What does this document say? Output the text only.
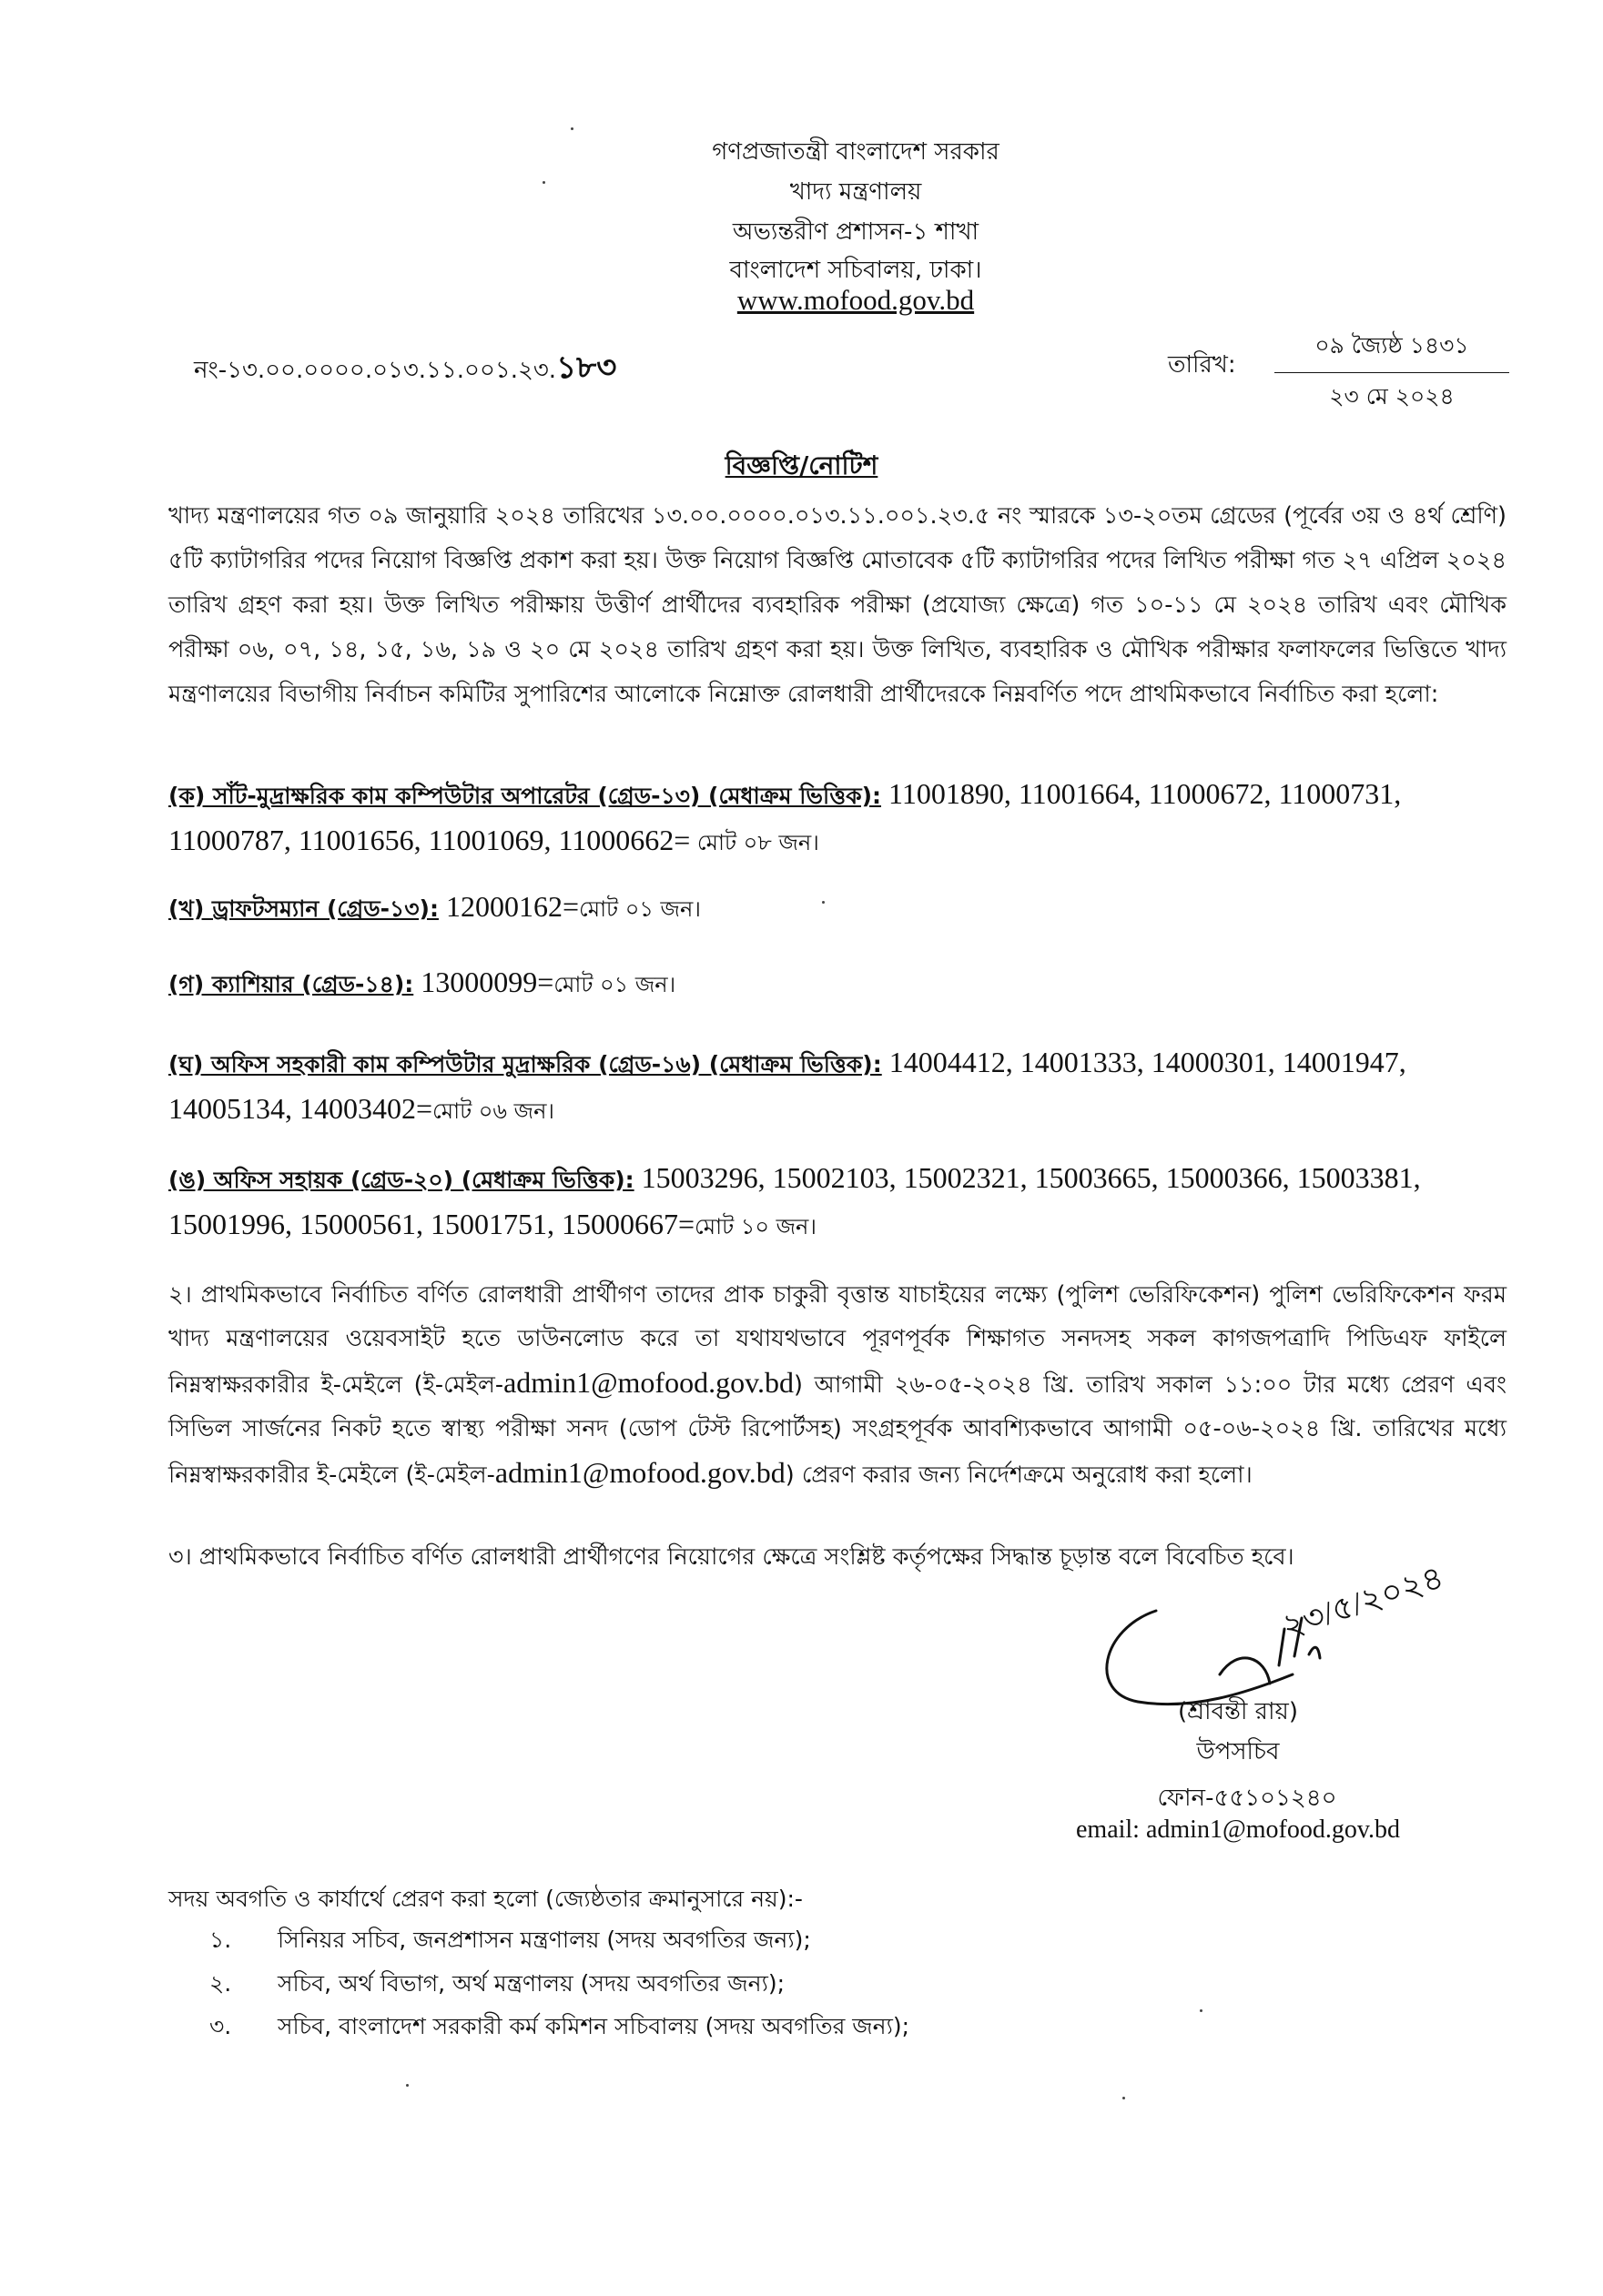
গণপ্রজাতন্ত্রী বাংলাদেশ সরকার
খাদ্য মন্ত্রণালয়
অভ্যন্তরীণ প্রশাসন-১ শাখা
বাংলাদেশ সচিবালয়, ঢাকা।
www.mofood.gov.bd
নং-১৩.০০.০০০০.০১৩.১১.০০১.২৩.১৮৩	তারিখ:
০৯ জ্যৈষ্ঠ ১৪৩১
২৩ মে ২০২৪
বিজ্ঞপ্তি/নোটিশ
খাদ্য মন্ত্রণালয়ের গত ০৯ জানুয়ারি ২০২৪ তারিখের ১৩.০০.০০০০.০১৩.১১.০০১.২৩.৫ নং স্মারকে ১৩-২০তম গ্রেডের (পূর্বের ৩য় ও ৪র্থ শ্রেণি) ৫টি ক্যাটাগরির পদের নিয়োগ বিজ্ঞপ্তি প্রকাশ করা হয়। উক্ত নিয়োগ বিজ্ঞপ্তি মোতাবেক ৫টি ক্যাটাগরির পদের লিখিত পরীক্ষা গত ২৭ এপ্রিল ২০২৪ তারিখ গ্রহণ করা হয়। উক্ত লিখিত পরীক্ষায় উত্তীর্ণ প্রার্থীদের ব্যবহারিক পরীক্ষা (প্রযোজ্য ক্ষেত্রে) গত ১০-১১ মে ২০২৪ তারিখ এবং মৌখিক পরীক্ষা ০৬, ০৭, ১৪, ১৫, ১৬, ১৯ ও ২০ মে ২০২৪ তারিখ গ্রহণ করা হয়। উক্ত লিখিত, ব্যবহারিক ও মৌখিক পরীক্ষার ফলাফলের ভিত্তিতে খাদ্য মন্ত্রণালয়ের বিভাগীয় নির্বাচন কমিটির সুপারিশের আলোকে নিম্নোক্ত রোলধারী প্রার্থীদেরকে নিম্নবর্ণিত পদে প্রাথমিকভাবে নির্বাচিত করা হলো:
(ক) সাঁট-মুদ্রাক্ষরিক কাম কম্পিউটার অপারেটর (গ্রেড-১৩) (মেধাক্রম ভিত্তিক): 11001890, 11001664, 11000672, 11000731, 11000787, 11001656, 11001069, 11000662= মোট ০৮ জন।
(খ) ড্রাফটসম্যান (গ্রেড-১৩): 12000162=মোট ০১ জন।
(গ) ক্যাশিয়ার (গ্রেড-১৪): 13000099=মোট ০১ জন।
(ঘ) অফিস সহকারী কাম কম্পিউটার মুদ্রাক্ষরিক (গ্রেড-১৬) (মেধাক্রম ভিত্তিক): 14004412, 14001333, 14000301, 14001947, 14005134, 14003402=মোট ০৬ জন।
(ঙ) অফিস সহায়ক (গ্রেড-২০) (মেধাক্রম ভিত্তিক): 15003296, 15002103, 15002321, 15003665, 15000366, 15003381, 15001996, 15000561, 15001751, 15000667=মোট ১০ জন।
২। প্রাথমিকভাবে নির্বাচিত বর্ণিত রোলধারী প্রার্থীগণ তাদের প্রাক চাকুরী বৃত্তান্ত যাচাইয়ের লক্ষ্যে (পুলিশ ভেরিফিকেশন) পুলিশ ভেরিফিকেশন ফরম খাদ্য মন্ত্রণালয়ের ওয়েবসাইট হতে ডাউনলোড করে তা যথাযথভাবে পূরণপূর্বক শিক্ষাগত সনদসহ সকল কাগজপত্রাদি পিডিএফ ফাইলে নিম্নস্বাক্ষরকারীর ই-মেইলে (ই-মেইল-admin1@mofood.gov.bd) আগামী ২৬-০৫-২০২৪ খ্রি. তারিখ সকাল ১১:০০ টার মধ্যে প্রেরণ এবং সিভিল সার্জনের নিকট হতে স্বাস্থ্য পরীক্ষা সনদ (ডোপ টেস্ট রিপোর্টসহ) সংগ্রহপূর্বক আবশ্যিকভাবে আগামী ০৫-০৬-২০২৪ খ্রি. তারিখের মধ্যে নিম্নস্বাক্ষরকারীর ই-মেইলে (ই-মেইল-admin1@mofood.gov.bd) প্রেরণ করার জন্য নির্দেশক্রমে অনুরোধ করা হলো।
৩। প্রাথমিকভাবে নির্বাচিত বর্ণিত রোলধারী প্রার্থীগণের নিয়োগের ক্ষেত্রে সংশ্লিষ্ট কর্তৃপক্ষের সিদ্ধান্ত চূড়ান্ত বলে বিবেচিত হবে।
২৩/৫/২০২৪
(শ্রাবন্তী রায়)
উপসচিব
ফোন-৫৫১০১২৪০
email: admin1@mofood.gov.bd
সদয় অবগতি ও কার্যার্থে প্রেরণ করা হলো (জ্যেষ্ঠতার ক্রমানুসারে নয়):-
১. সিনিয়র সচিব, জনপ্রশাসন মন্ত্রণালয় (সদয় অবগতির জন্য);
২. সচিব, অর্থ বিভাগ, অর্থ মন্ত্রণালয় (সদয় অবগতির জন্য);
৩. সচিব, বাংলাদেশ সরকারী কর্ম কমিশন সচিবালয় (সদয় অবগতির জন্য);
